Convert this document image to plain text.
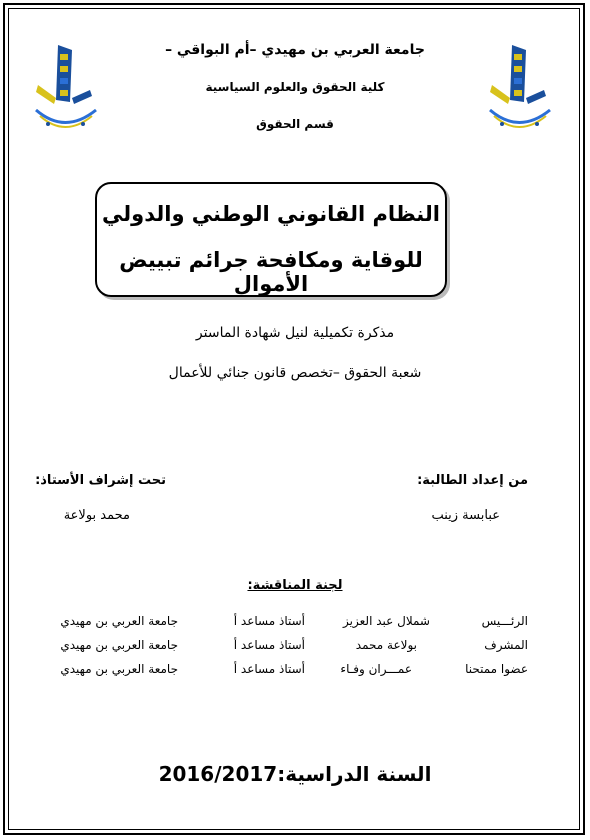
جامعة العربي بن مهيدي –أم البواقي –
كلية الحقوق والعلوم السياسية
قسم الحقوق
النظام القانوني الوطني والدولي
للوقاية ومكافحة جرائم تبييض الأموال
مذكرة تكميلية لنيل شهادة الماستر
شعبة الحقوق –تخصص قانون جنائي للأعمال
من إعداد الطالبة:
تحت إشراف الأستاذ:
عبابسة زينب
محمد بولاعة
لجنة المناقشة:
الرئـــيس
شملال عبد العزيز
أستاذ مساعد أ
جامعة العربي بن مهيدي
المشرف
بولاعة محمد
أستاذ مساعد أ
جامعة العربي بن مهيدي
عضوا ممتحنا
عمـــران وفـاء
أستاذ مساعد أ
جامعة العربي بن مهيدي
السنة الدراسية:2016/2017
